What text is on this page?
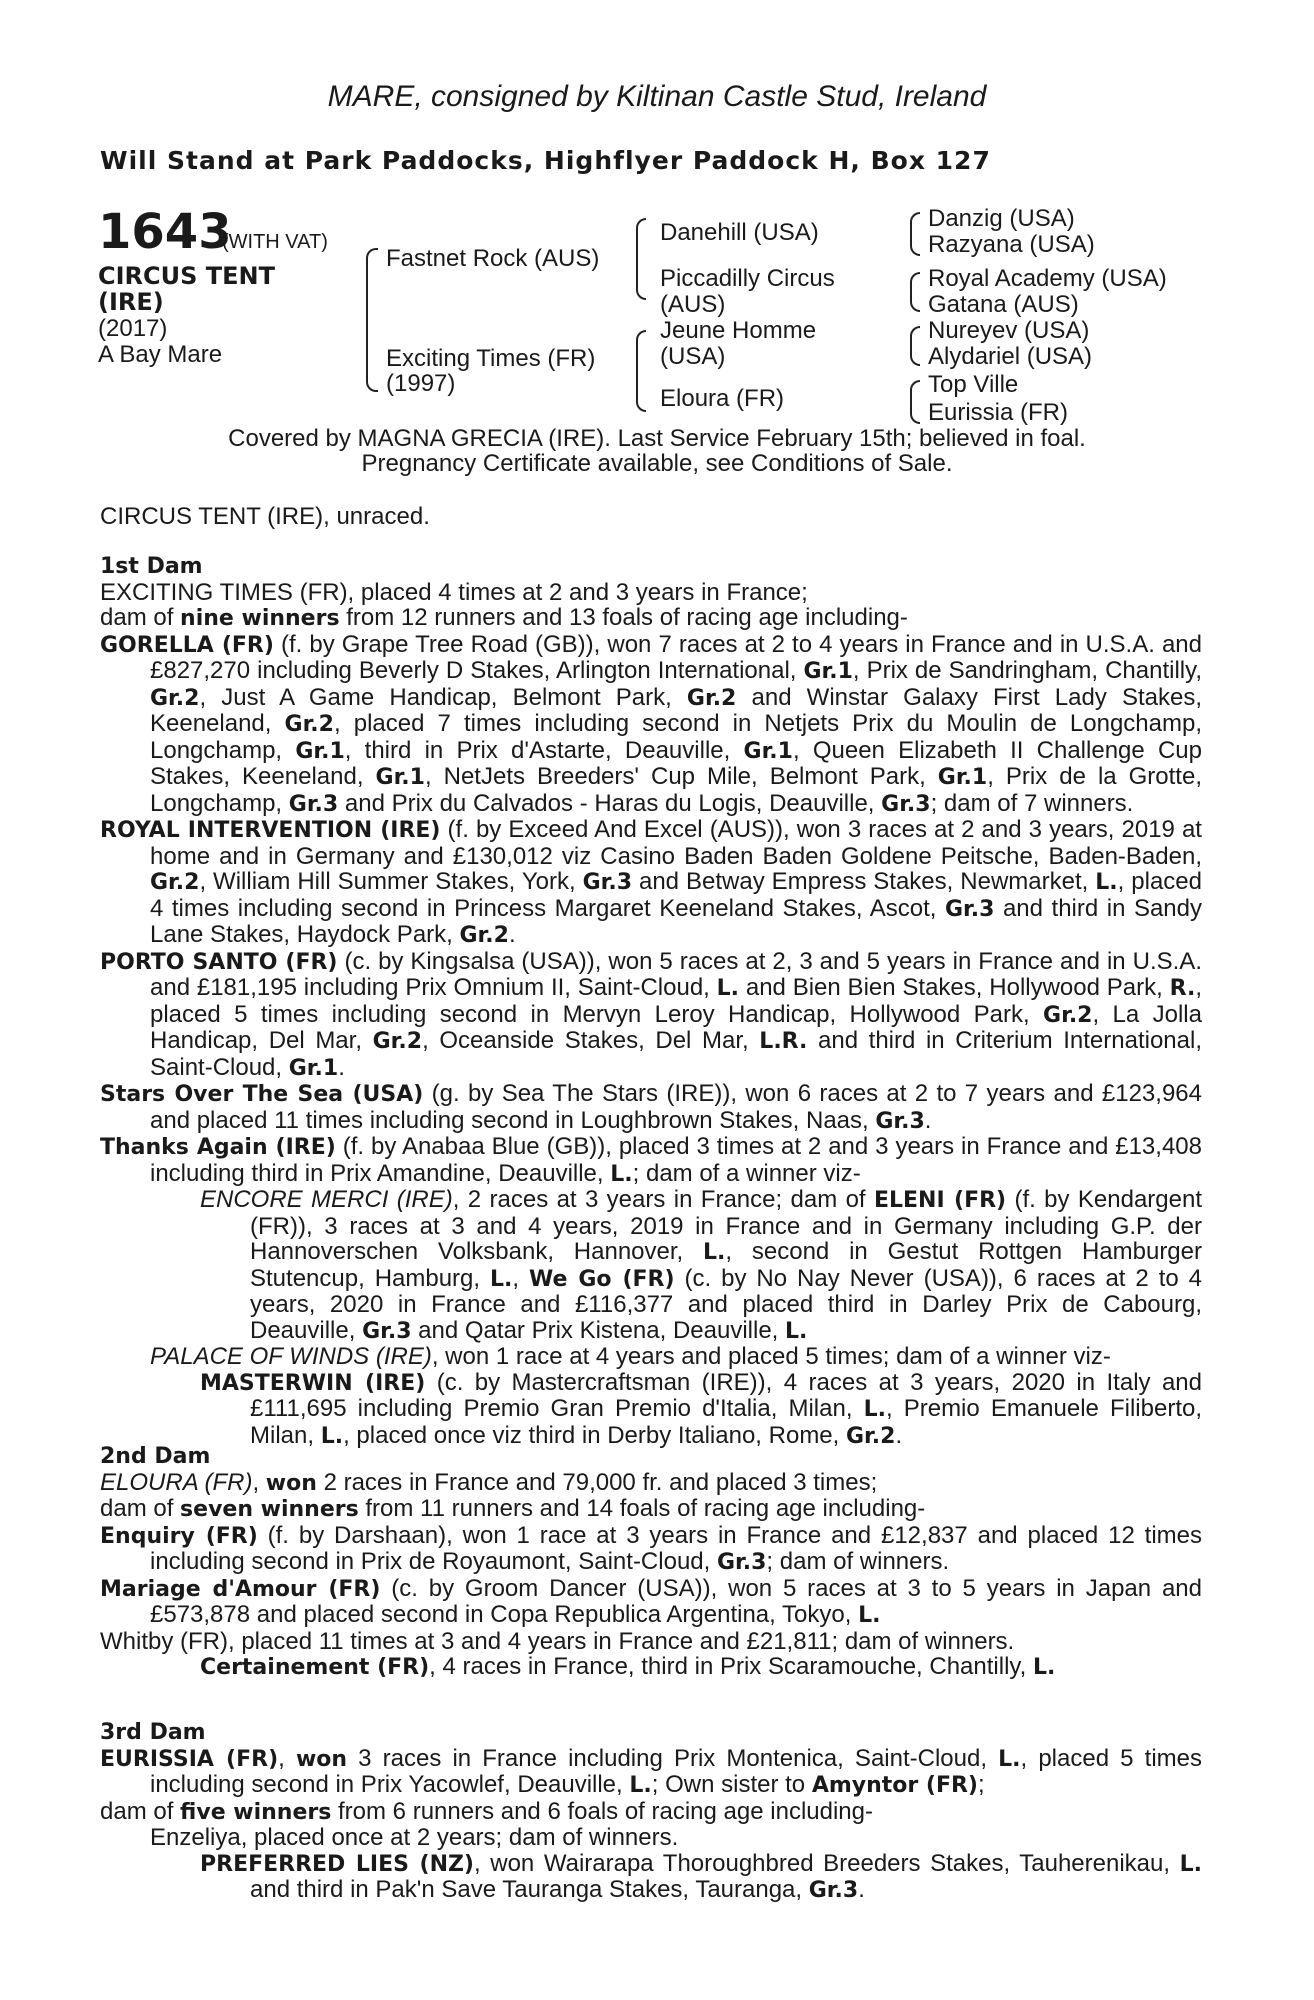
MARE, consigned by Kiltinan Castle Stud, Ireland
Will Stand at Park Paddocks, Highflyer Paddock H, Box 127
1643
(WITH VAT)
CIRCUS TENT
(IRE)
(2017)
A Bay Mare
Fastnet Rock (AUS)
Exciting Times (FR)
(1997)
Danehill (USA)
Piccadilly Circus
(AUS)
Jeune Homme
(USA)
Eloura (FR)
Danzig (USA)
Razyana (USA)
Royal Academy (USA)
Gatana (AUS)
Nureyev (USA)
Alydariel (USA)
Top Ville
Eurissia (FR)
Covered by MAGNA GRECIA (IRE). Last Service February 15th; believed in foal.
Pregnancy Certificate available, see Conditions of Sale.
CIRCUS TENT (IRE), unraced.
1st Dam
EXCITING TIMES (FR), placed 4 times at 2 and 3 years in France;
dam of nine winners from 12 runners and 13 foals of racing age including-
GORELLA (FR) (f. by Grape Tree Road (GB)), won 7 races at 2 to 4 years in France and in U.S.A. and £827,270 including Beverly D Stakes, Arlington International, Gr.1, Prix de Sandringham, Chantilly, Gr.2, Just A Game Handicap, Belmont Park, Gr.2 and Winstar Galaxy First Lady Stakes, Keeneland, Gr.2, placed 7 times including second in Netjets Prix du Moulin de Longchamp, Longchamp, Gr.1, third in Prix d'Astarte, Deauville, Gr.1, Queen Elizabeth II Challenge Cup Stakes, Keeneland, Gr.1, NetJets Breeders' Cup Mile, Belmont Park, Gr.1, Prix de la Grotte, Longchamp, Gr.3 and Prix du Calvados - Haras du Logis, Deauville, Gr.3; dam of 7 winners.
ROYAL INTERVENTION (IRE) (f. by Exceed And Excel (AUS)), won 3 races at 2 and 3 years, 2019 at home and in Germany and £130,012 viz Casino Baden Baden Goldene Peitsche, Baden-Baden, Gr.2, William Hill Summer Stakes, York, Gr.3 and Betway Empress Stakes, Newmarket, L., placed 4 times including second in Princess Margaret Keeneland Stakes, Ascot, Gr.3 and third in Sandy Lane Stakes, Haydock Park, Gr.2.
PORTO SANTO (FR) (c. by Kingsalsa (USA)), won 5 races at 2, 3 and 5 years in France and in U.S.A. and £181,195 including Prix Omnium II, Saint-Cloud, L. and Bien Bien Stakes, Hollywood Park, R., placed 5 times including second in Mervyn Leroy Handicap, Hollywood Park, Gr.2, La Jolla Handicap, Del Mar, Gr.2, Oceanside Stakes, Del Mar, L.R. and third in Criterium International, Saint-Cloud, Gr.1.
Stars Over The Sea (USA) (g. by Sea The Stars (IRE)), won 6 races at 2 to 7 years and £123,964 and placed 11 times including second in Loughbrown Stakes, Naas, Gr.3.
Thanks Again (IRE) (f. by Anabaa Blue (GB)), placed 3 times at 2 and 3 years in France and £13,408 including third in Prix Amandine, Deauville, L.; dam of a winner viz-
ENCORE MERCI (IRE), 2 races at 3 years in France; dam of ELENI (FR) (f. by Kendargent (FR)), 3 races at 3 and 4 years, 2019 in France and in Germany including G.P. der Hannoverschen Volksbank, Hannover, L., second in Gestut Rottgen Hamburger Stutencup, Hamburg, L., We Go (FR) (c. by No Nay Never (USA)), 6 races at 2 to 4 years, 2020 in France and £116,377 and placed third in Darley Prix de Cabourg, Deauville, Gr.3 and Qatar Prix Kistena, Deauville, L.
PALACE OF WINDS (IRE), won 1 race at 4 years and placed 5 times; dam of a winner viz-
MASTERWIN (IRE) (c. by Mastercraftsman (IRE)), 4 races at 3 years, 2020 in Italy and £111,695 including Premio Gran Premio d'Italia, Milan, L., Premio Emanuele Filiberto, Milan, L., placed once viz third in Derby Italiano, Rome, Gr.2.
2nd Dam
ELOURA (FR), won 2 races in France and 79,000 fr. and placed 3 times;
dam of seven winners from 11 runners and 14 foals of racing age including-
Enquiry (FR) (f. by Darshaan), won 1 race at 3 years in France and £12,837 and placed 12 times including second in Prix de Royaumont, Saint-Cloud, Gr.3; dam of winners.
Mariage d'Amour (FR) (c. by Groom Dancer (USA)), won 5 races at 3 to 5 years in Japan and £573,878 and placed second in Copa Republica Argentina, Tokyo, L.
Whitby (FR), placed 11 times at 3 and 4 years in France and £21,811; dam of winners.
Certainement (FR), 4 races in France, third in Prix Scaramouche, Chantilly, L.
3rd Dam
EURISSIA (FR), won 3 races in France including Prix Montenica, Saint-Cloud, L., placed 5 times including second in Prix Yacowlef, Deauville, L.; Own sister to Amyntor (FR);
dam of five winners from 6 runners and 6 foals of racing age including-
Enzeliya, placed once at 2 years; dam of winners.
PREFERRED LIES (NZ), won Wairarapa Thoroughbred Breeders Stakes, Tauherenikau, L. and third in Pak'n Save Tauranga Stakes, Tauranga, Gr.3.
